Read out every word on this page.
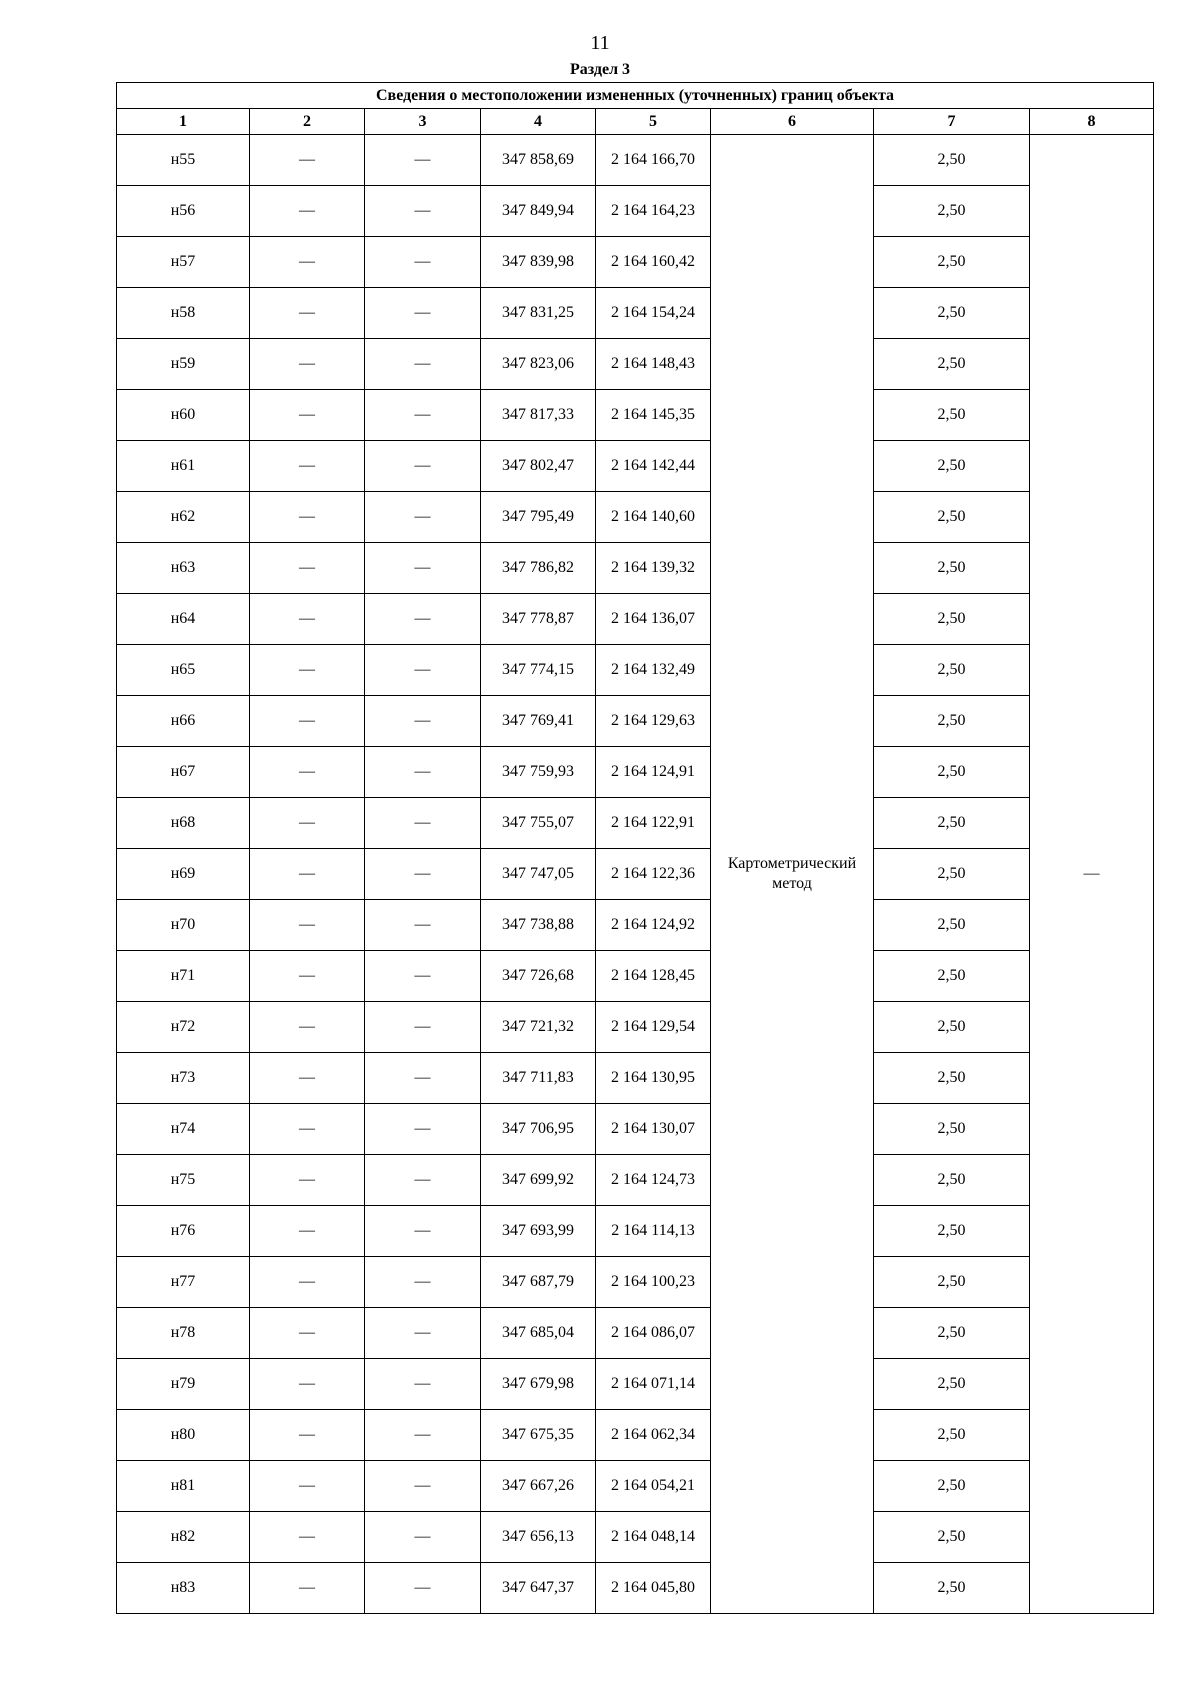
11
Раздел 3
Сведения о местоположении измененных (уточненных) границ объекта							
1	2	3	4	5	6	7	8
н55	—	—	347 858,69	2 164 166,70	Картометрический метод	2,50	—
н56	—	—	347 849,94	2 164 164,23		2,50	
н57	—	—	347 839,98	2 164 160,42		2,50	
н58	—	—	347 831,25	2 164 154,24		2,50	
н59	—	—	347 823,06	2 164 148,43		2,50	
н60	—	—	347 817,33	2 164 145,35		2,50	
н61	—	—	347 802,47	2 164 142,44		2,50	
н62	—	—	347 795,49	2 164 140,60		2,50	
н63	—	—	347 786,82	2 164 139,32		2,50	
н64	—	—	347 778,87	2 164 136,07		2,50	
н65	—	—	347 774,15	2 164 132,49		2,50	
н66	—	—	347 769,41	2 164 129,63		2,50	
н67	—	—	347 759,93	2 164 124,91		2,50	
н68	—	—	347 755,07	2 164 122,91		2,50	
н69	—	—	347 747,05	2 164 122,36		2,50	
н70	—	—	347 738,88	2 164 124,92		2,50	
н71	—	—	347 726,68	2 164 128,45		2,50	
н72	—	—	347 721,32	2 164 129,54		2,50	
н73	—	—	347 711,83	2 164 130,95		2,50	
н74	—	—	347 706,95	2 164 130,07		2,50	
н75	—	—	347 699,92	2 164 124,73		2,50	
н76	—	—	347 693,99	2 164 114,13		2,50	
н77	—	—	347 687,79	2 164 100,23		2,50	
н78	—	—	347 685,04	2 164 086,07		2,50	
н79	—	—	347 679,98	2 164 071,14		2,50	
н80	—	—	347 675,35	2 164 062,34		2,50	
н81	—	—	347 667,26	2 164 054,21		2,50	
н82	—	—	347 656,13	2 164 048,14		2,50	
н83	—	—	347 647,37	2 164 045,80		2,50	
